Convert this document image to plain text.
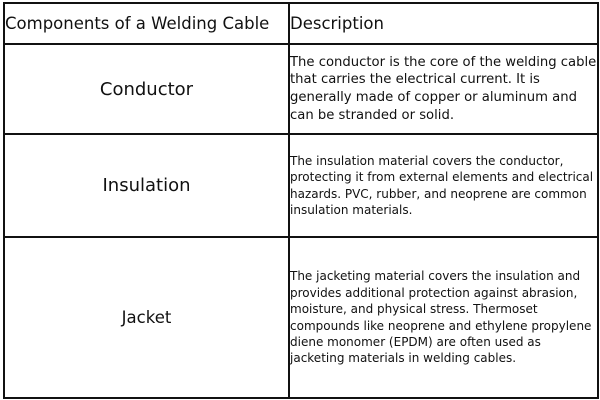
Components of a Welding Cable	Description
Conductor	The conductor is the core of the welding cable that carries the electrical current. It is generally made of copper or aluminum and can be stranded or solid.
Insulation	The insulation material covers the conductor, protecting it from external elements and electrical hazards. PVC, rubber, and neoprene are common insulation materials.
Jacket	The jacketing material covers the insulation and provides additional protection against abrasion, moisture, and physical stress. Thermoset compounds like neoprene and ethylene propylene diene monomer (EPDM) are often used as jacketing materials in welding cables.
